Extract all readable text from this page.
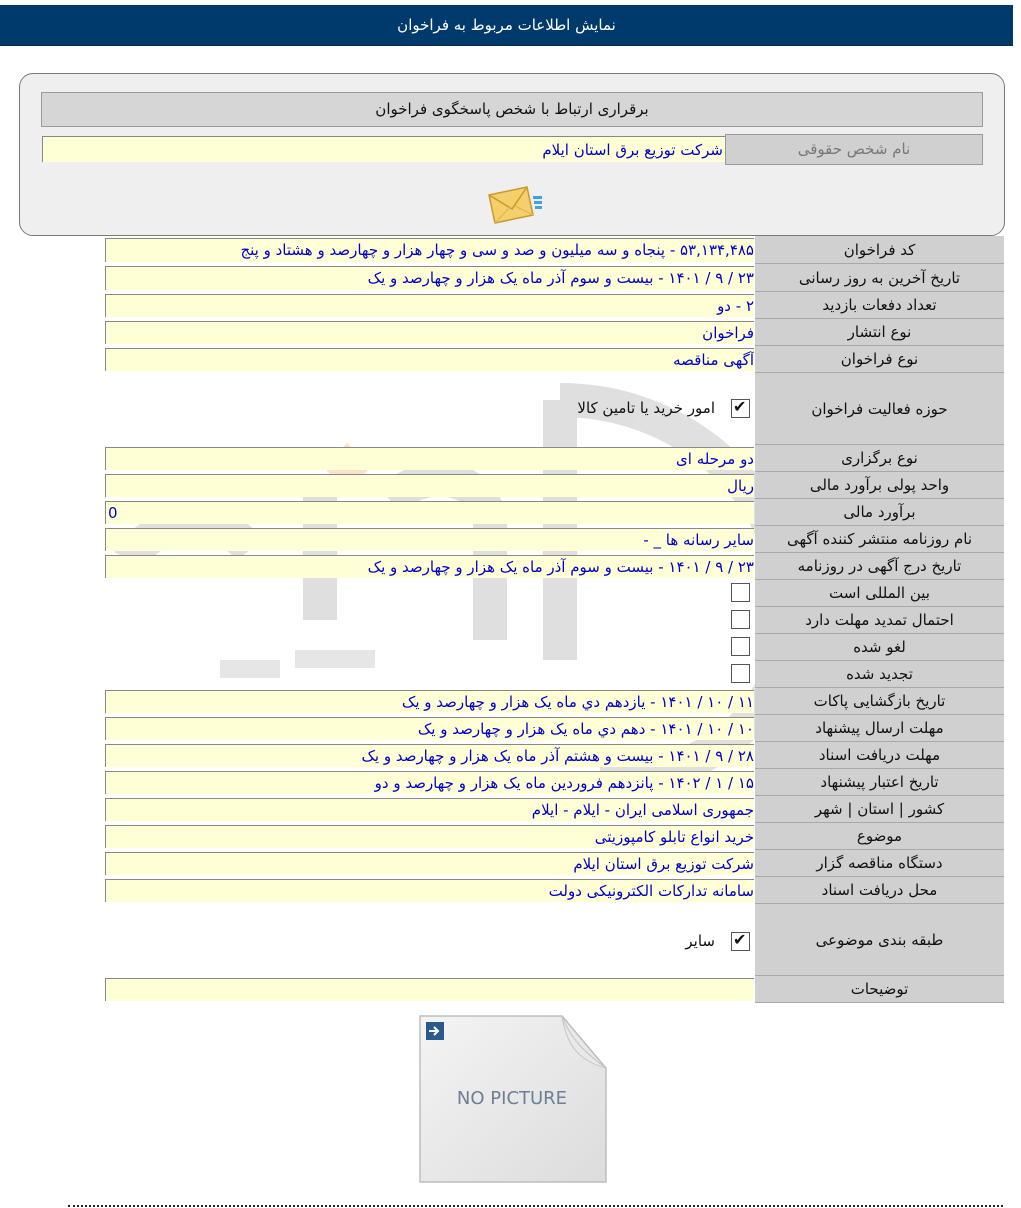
نمایش اطلاعات مربوط به فراخوان
برقراری ارتباط با شخص پاسخگوی فراخوان
نام شخص حقوقی
شرکت توزیع برق استان ایلام
کد فراخوان
۵۳,۱۳۴,۴۸۵ - پنجاه و سه میلیون و صد و سی و چهار هزار و چهارصد و هشتاد و پنج
تاریخ آخرین به روز رسانی
۲۳ / ۹ / ۱۴۰۱ - بیست و سوم آذر ماه یک هزار و چهارصد و یک
تعداد دفعات بازدید
۲ - دو
نوع انتشار
فراخوان
نوع فراخوان
آگهی مناقصه
حوزه فعالیت فراخوان
✔
امور خرید یا تامین کالا
نوع برگزاری
دو مرحله ای
واحد پولی برآورد مالی
ریال
برآورد مالی
0
نام روزنامه منتشر کننده آگهی
سایر رسانه ها _ -
تاریخ درج آگهی در روزنامه
۲۳ / ۹ / ۱۴۰۱ - بیست و سوم آذر ماه یک هزار و چهارصد و یک
بین المللی است
احتمال تمدید مهلت دارد
لغو شده
تجدید شده
تاریخ بازگشایی پاکات
۱۱ / ۱۰ / ۱۴۰۱ - یازدهم دي ماه یک هزار و چهارصد و یک
مهلت ارسال پیشنهاد
۱۰ / ۱۰ / ۱۴۰۱ - دهم دي ماه یک هزار و چهارصد و یک
مهلت دریافت اسناد
۲۸ / ۹ / ۱۴۰۱ - بیست و هشتم آذر ماه یک هزار و چهارصد و یک
تاریخ اعتبار پیشنهاد
۱۵ / ۱ / ۱۴۰۲ - پانزدهم فروردین ماه یک هزار و چهارصد و دو
کشور | استان | شهر
جمهوری اسلامی ایران - ایلام - ایلام
موضوع
خرید انواع تابلو کامپوزیتی
دستگاه مناقصه گزار
شرکت توزیع برق استان ایلام
محل دریافت اسناد
سامانه تدارکات الکترونیکی دولت
طبقه بندی موضوعی
✔
سایر
توضیحات
NO PICTURE
